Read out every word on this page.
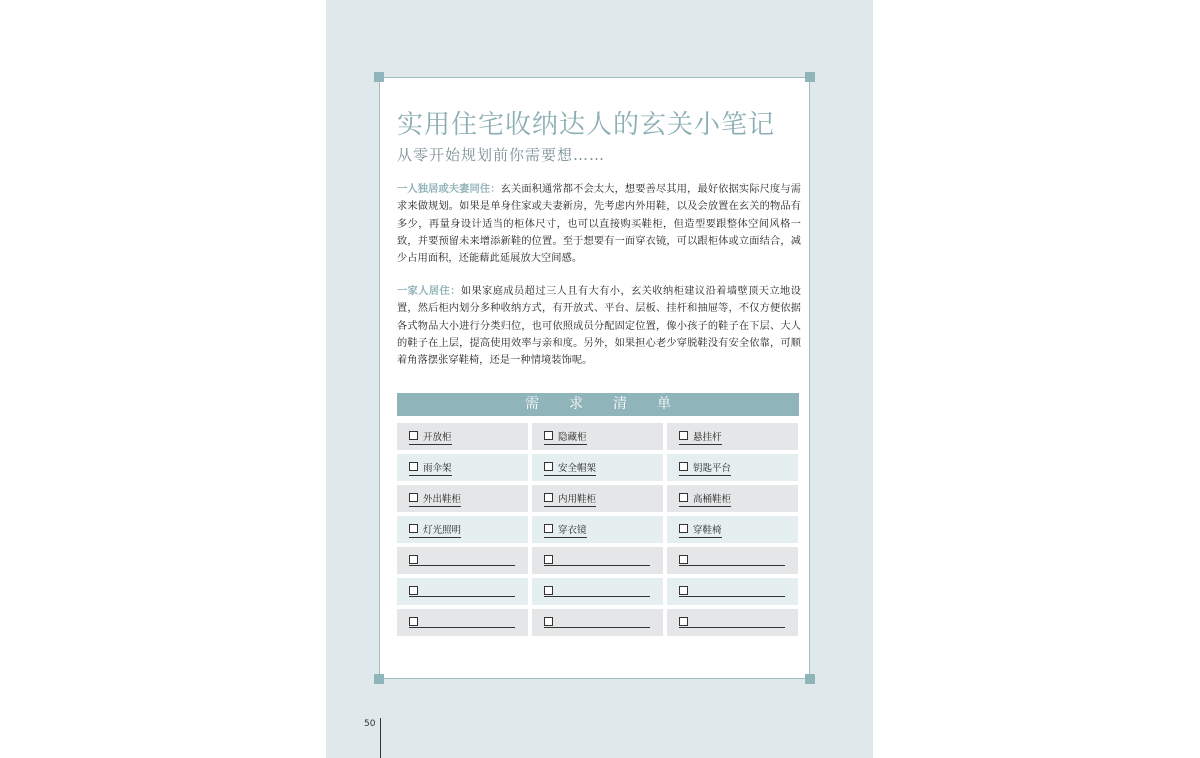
实用住宅收纳达人的玄关小笔记
从零开始规划前你需要想……
一人独居或夫妻同住：玄关面积通常都不会太大，想要善尽其用，最好依据实际尺度与需求来做规划。如果是单身住家或夫妻新房，先考虑内外用鞋，以及会放置在玄关的物品有多少，再量身设计适当的柜体尺寸，也可以直接购买鞋柜，但造型要跟整体空间风格一致，并要预留未来增添新鞋的位置。至于想要有一面穿衣镜，可以跟柜体或立面结合，减少占用面积，还能藉此延展放大空间感。
一家人居住：如果家庭成员超过三人且有大有小，玄关收纳柜建议沿着墙壁顶天立地设置，然后柜内划分多种收纳方式，有开放式、平台、层板、挂杆和抽屉等，不仅方便依据各式物品大小进行分类归位，也可依照成员分配固定位置，像小孩子的鞋子在下层、大人的鞋子在上层，提高使用效率与亲和度。另外，如果担心老少穿脱鞋没有安全依靠，可顺着角落摆张穿鞋椅，还是一种情境装饰呢。
需求清单
开放柜	隐藏柜	悬挂杆
雨伞架	安全帽架	钥匙平台
外出鞋柜	内用鞋柜	高桶鞋柜
灯光照明	穿衣镜	穿鞋椅
50
